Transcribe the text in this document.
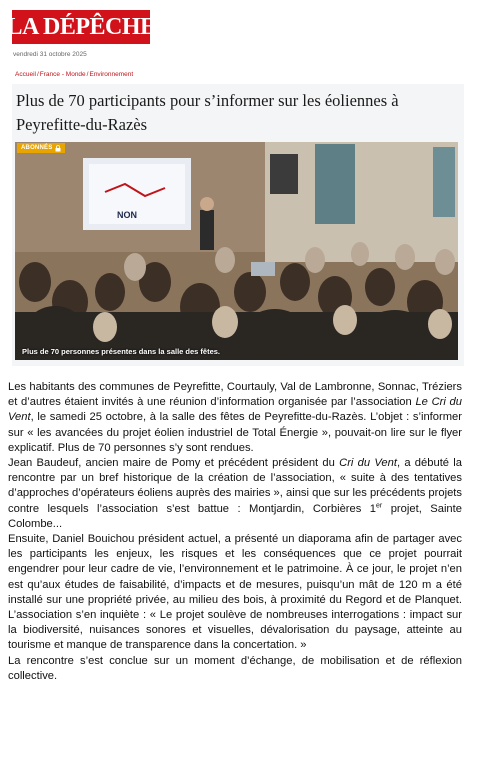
LA DÉPÊCHE
vendredi 31 octobre 2025
Accueil/France - Monde/Environnement
Plus de 70 participants pour s’informer sur les éoliennes à Peyrefitte-du-Razès
NON
ABONNÉS
Plus de 70 personnes présentes dans la salle des fêtes.

Les habitants des communes de Peyrefitte, Courtauly, Val de Lambronne, Sonnac, Tréziers et d’autres étaient invités à une réunion d’information organisée par l’association Le Cri du Vent, le samedi 25 octobre, à la salle des fêtes de Peyrefitte-du-Razès. L’objet : s’informer sur « les avancées du projet éolien industriel de Total Énergie », pouvait-on lire sur le flyer explicatif. Plus de 70 personnes s’y sont rendues.

Jean Baudeuf, ancien maire de Pomy et précédent président du Cri du Vent, a débuté la rencontre par un bref historique de la création de l’association, « suite à des tentatives d’approches d’opérateurs éoliens auprès des mairies », ainsi que sur les précédents projets contre lesquels l’association s’est battue : Montjardin, Corbières 1er projet, Sainte Colombe...

Ensuite, Daniel Bouichou président actuel, a présenté un diaporama afin de partager avec les participants les enjeux, les risques et les conséquences que ce projet pourrait engendrer pour leur cadre de vie, l’environnement et le patrimoine. À ce jour, le projet n’en est qu’aux études de faisabilité, d’impacts et de mesures, puisqu’un mât de 120 m a été installé sur une propriété privée, au milieu des bois, à proximité du Regord et de Planquet. L’association s’en inquiète : « Le projet soulève de nombreuses interrogations : impact sur la biodiversité, nuisances sonores et visuelles, dévalorisation du paysage, atteinte au tourisme et manque de transparence dans la concertation. »

La rencontre s’est conclue sur un moment d’échange, de mobilisation et de réflexion collective.
